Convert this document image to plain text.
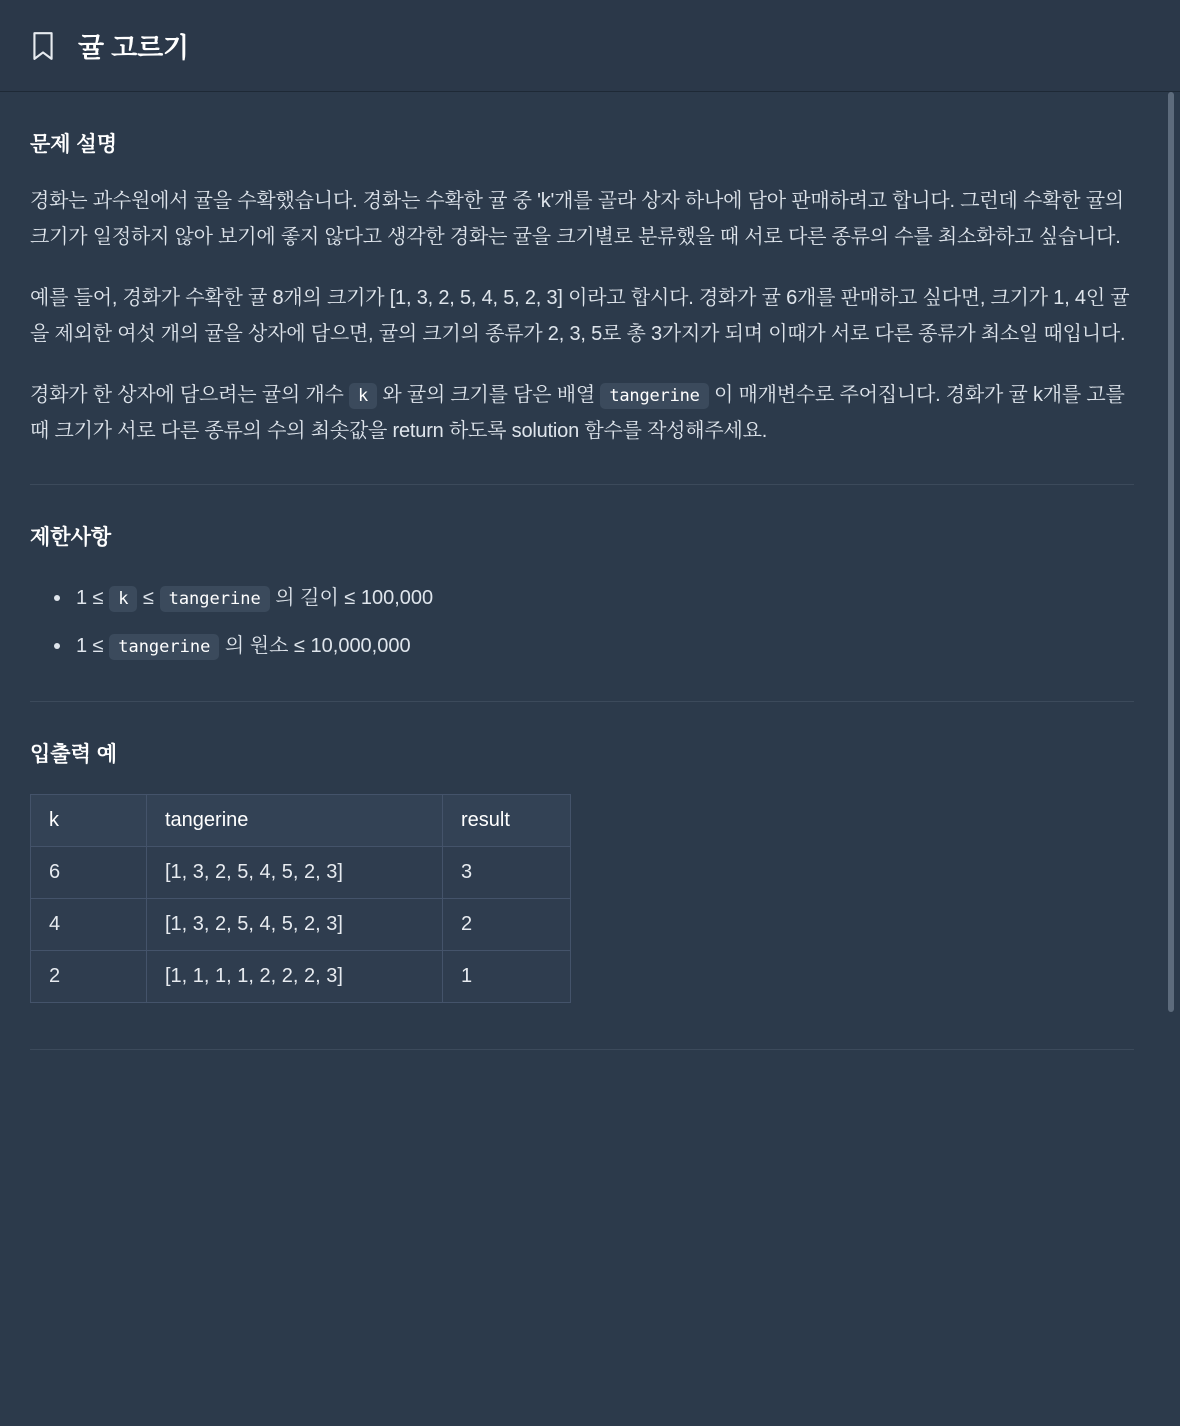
귤 고르기
문제 설명

경화는 과수원에서 귤을 수확했습니다. 경화는 수확한 귤 중 'k'개를 골라 상자 하나에 담아 판매하려고 합니다. 그런데 수확한 귤의 크기가 일정하지 않아 보기에 좋지 않다고 생각한 경화는 귤을 크기별로 분류했을 때 서로 다른 종류의 수를 최소화하고 싶습니다.

예를 들어, 경화가 수확한 귤 8개의 크기가 [1, 3, 2, 5, 4, 5, 2, 3] 이라고 합시다. 경화가 귤 6개를 판매하고 싶다면, 크기가 1, 4인 귤을 제외한 여섯 개의 귤을 상자에 담으면, 귤의 크기의 종류가 2, 3, 5로 총 3가지가 되며 이때가 서로 다른 종류가 최소일 때입니다.

경화가 한 상자에 담으려는 귤의 개수 k 와 귤의 크기를 담은 배열 tangerine 이 매개변수로 주어집니다. 경화가 귤 k개를 고를 때 크기가 서로 다른 종류의 수의 최솟값을 return 하도록 solution 함수를 작성해주세요.

제한사항
1 ≤ k ≤ tangerine 의 길이 ≤ 100,000
1 ≤ tangerine 의 원소 ≤ 10,000,000
입출력 예
k	tangerine	result
6	[1, 3, 2, 5, 4, 5, 2, 3]	3
4	[1, 3, 2, 5, 4, 5, 2, 3]	2
2	[1, 1, 1, 1, 2, 2, 2, 3]	1
